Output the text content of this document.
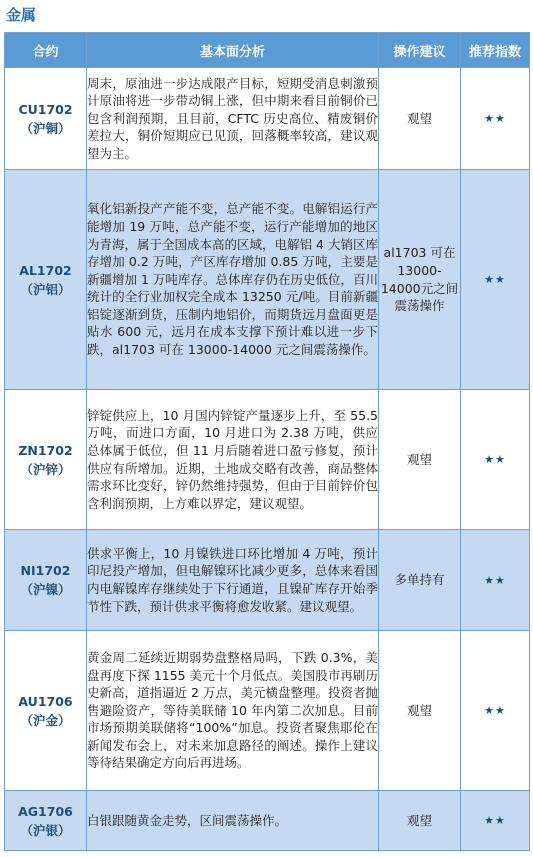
金属
合约	基本面分析	操作建议	推荐指数

CU1702
（沪铜）	周末，原油进一步达成限产目标，短期受消息刺激预计原油将进一步带动铜上涨，但中期来看目前铜价已包含利润预期，且目前，CFTC 历史高位、精废铜价差拉大，铜价短期应已见顶，回落概率较高，建议观望为主。	观望	★★

AL1702
（沪铝）	氧化铝新投产产能不变，总产能不变。电解铝运行产能增加 19 万吨，总产能不变，运行产能增加的地区为青海，属于全国成本高的区域，电解铝 4 大销区库存增加 0.2 万吨，产区库存增加 0.85 万吨，主要是新疆增加 1 万吨库存。总体库存仍在历史低位，百川统计的全行业加权完全成本 13250 元/吨。目前新疆铝锭逐渐到货，压制内地铝价，而期货远月盘面更是贴水 600 元，远月在成本支撑下预计难以进一步下跌，al1703 可在 13000-14000 元之间震荡操作。	al1703 可在 13000-14000元之间震荡操作	★★

ZN1702
（沪锌）	锌锭供应上，10 月国内锌锭产量逐步上升，至 55.5 万吨，而进口方面，10 月进口为 2.38 万吨，供应总体属于低位，但 11 月后随着进口盈亏修复，预计供应有所增加。近期，土地成交略有改善，商品整体需求环比变好，锌仍然维持强势，但由于目前锌价包含利润预期，上方难以界定，建议观望。	观望	★★

NI1702
（沪镍）	供求平衡上，10 月镍铁进口环比增加 4 万吨，预计印尼投产增加，但电解镍环比减少更多，总体来看国内电解镍库存继续处于下行通道，且镍矿库存开始季节性下跌，预计供求平衡将愈发收紧。建议观望。	多单持有	★★

AU1706
（沪金）	黄金周二延续近期弱势盘整格局吗，下跌 0.3%，美盘再度下探 1155 美元十个月低点。美国股市再刷历史新高，道指逼近 2 万点，美元横盘整理。投资者抛售避险资产，等待美联储 10 年内第二次加息。目前市场预期美联储将“100%”加息。投资者聚焦耶伦在新闻发布会上，对未来加息路径的阐述。操作上建议等待结果确定方向后再进场。	观望	★★

AG1706
（沪银）	白银跟随黄金走势，区间震荡操作。	观望	★★
